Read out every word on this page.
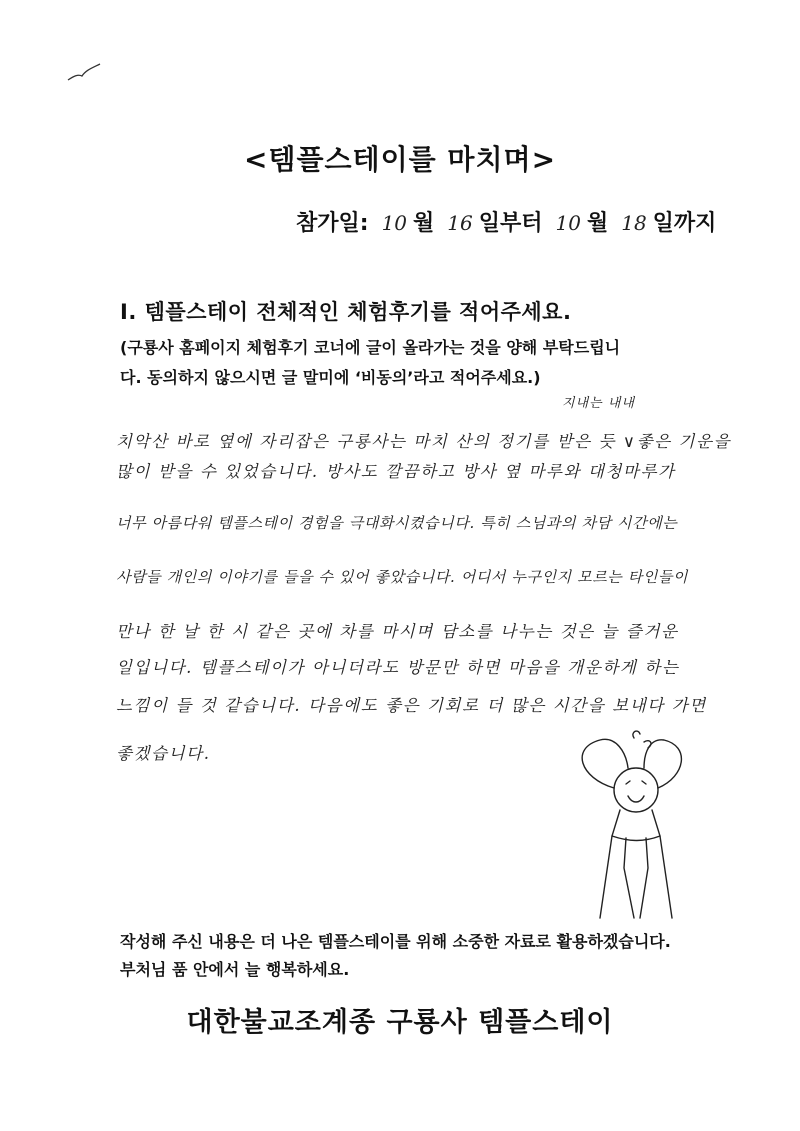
<템플스테이를 마치며>
참가일: 10 월 16 일부터 10 월 18 일까지
Ⅰ. 템플스테이 전체적인 체험후기를 적어주세요.
(구룡사 홈페이지 체험후기 코너에 글이 올라가는 것을 양해 부탁드립니
다. 동의하지 않으시면 글 말미에 ‘비동의’라고 적어주세요.)
지내는 내내
치악산 바로 옆에 자리잡은 구룡사는 마치 산의 정기를 받은 듯 ∨좋은 기운을
많이 받을 수 있었습니다. 방사도 깔끔하고 방사 옆 마루와 대청마루가
너무 아름다워 템플스테이 경험을 극대화시켰습니다. 특히 스님과의 차담 시간에는
사람들 개인의 이야기를 들을 수 있어 좋았습니다. 어디서 누구인지 모르는 타인들이
만나 한 날 한 시 같은 곳에 차를 마시며 담소를 나누는 것은 늘 즐거운
일입니다. 템플스테이가 아니더라도 방문만 하면 마음을 개운하게 하는
느낌이 들 것 같습니다. 다음에도 좋은 기회로 더 많은 시간을 보내다 가면
좋겠습니다.
작성해 주신 내용은 더 나은 템플스테이를 위해 소중한 자료로 활용하겠습니다.
부처님 품 안에서 늘 행복하세요.
대한불교조계종 구룡사 템플스테이
